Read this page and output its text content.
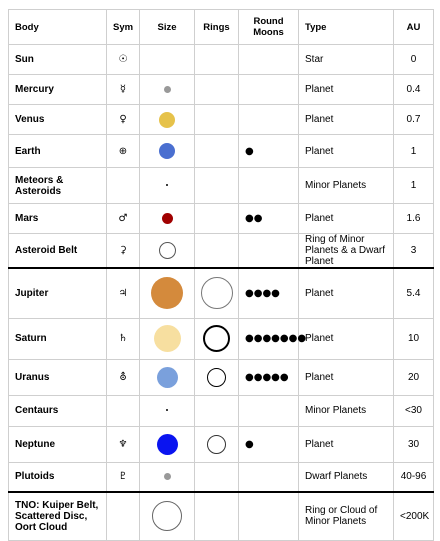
Body	Sym	Size	Rings	Round Moons	Type	AU
Sun	☉				Star	0
Mercury	☿				Planet	0.4
Venus	♀				Planet	0.7
Earth	⊕			●	Planet	1
Meteors & Asteroids					Minor Planets	1
Mars	♂			●●	Planet	1.6
Asteroid Belt	⚳				Ring of Minor Planets & a Dwarf Planet	3
Jupiter	♃			●●●●	Planet	5.4
Saturn	♄			●●●●●●●	Planet	10
Uranus	⛢			●●●●●	Planet	20
Centaurs					Minor Planets	<30
Neptune	♆			●	Planet	30
Plutoids	♇				Dwarf Planets	40-96
TNO: Kuiper Belt, Scattered Disc, Oort Cloud					Ring or Cloud of Minor Planets	<200K
